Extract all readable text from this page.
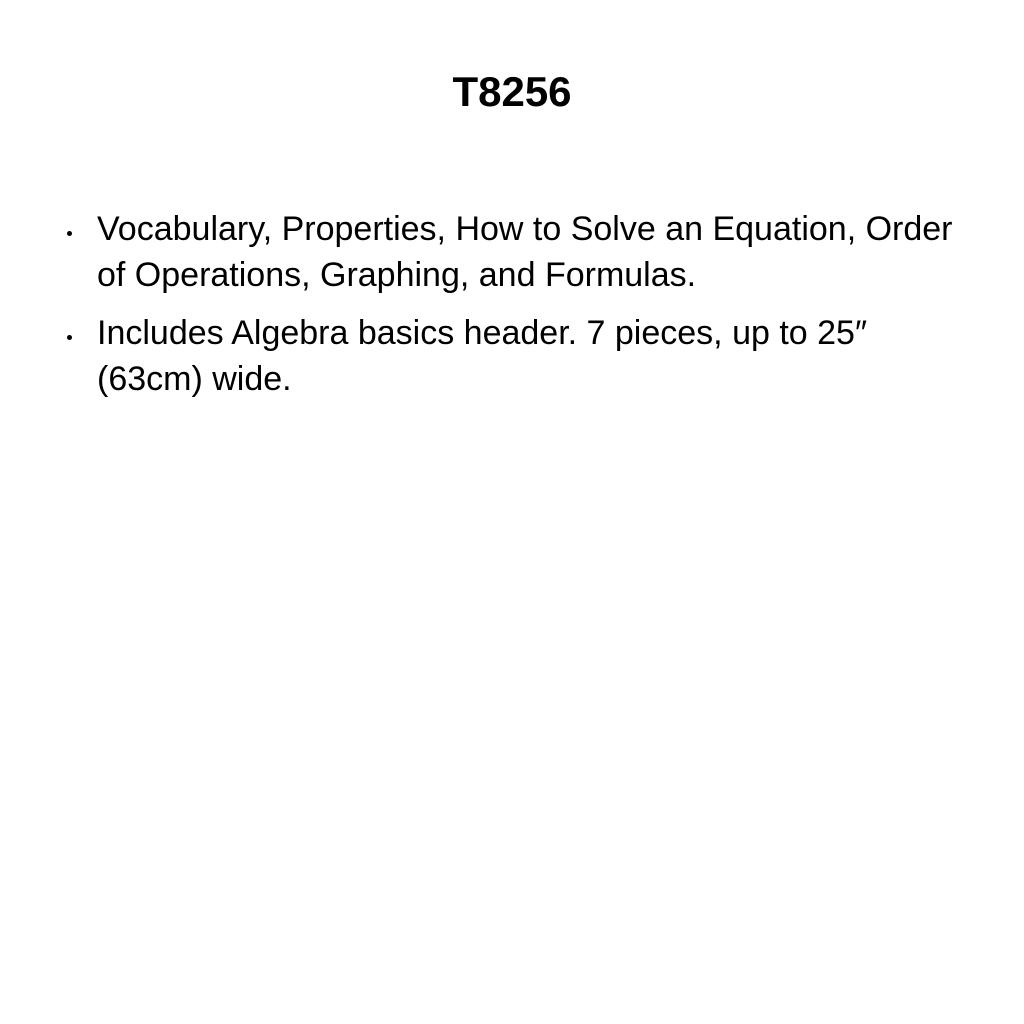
T8256
Vocabulary, Properties, How to Solve an Equation, Order of Operations, Graphing, and Formulas.
Includes Algebra basics header. 7 pieces, up to 25″ (63cm) wide.
